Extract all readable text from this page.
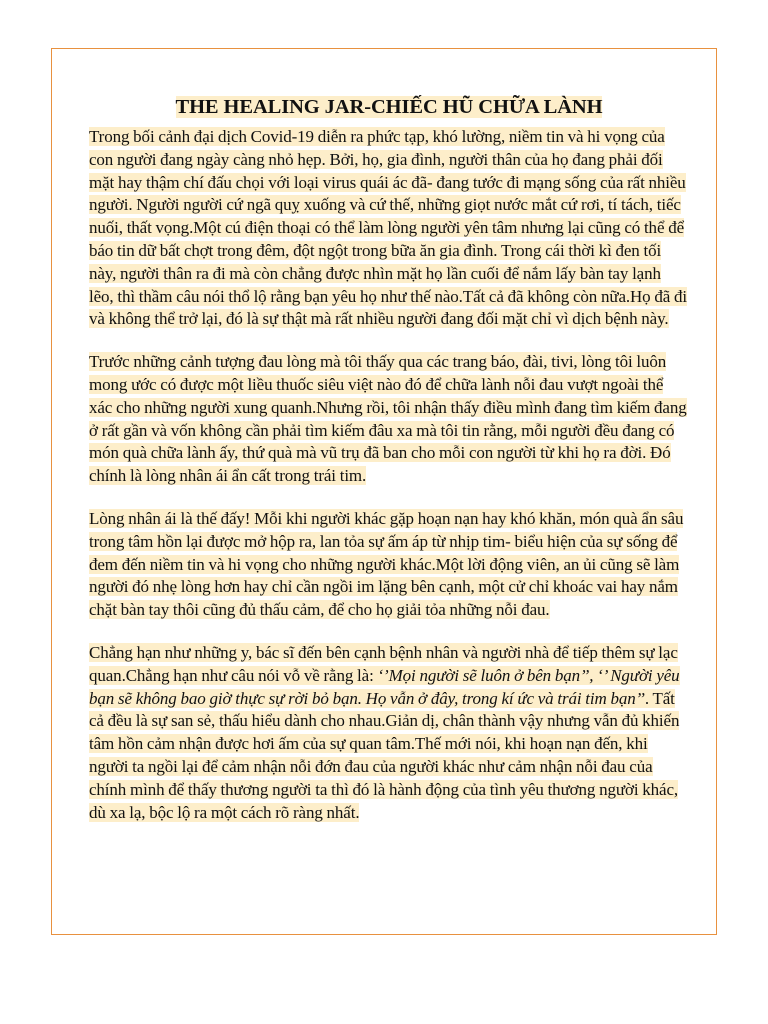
THE HEALING JAR-CHIẾC HŨ CHỮA LÀNH

Trong bối cảnh đại dịch Covid-19 diễn ra phức tạp, khó lường, niềm tin và hi vọng của con người đang ngày càng nhỏ hẹp. Bởi, họ, gia đình, người thân của họ đang phải đối mặt hay thậm chí đấu chọi với loại virus quái ác đã- đang tước đi mạng sống của rất nhiều người. Người người cứ ngã quỵ xuống và cứ thế, những giọt nước mắt cứ rơi, tí tách, tiếc nuối, thất vọng.Một cú điện thoại có thể làm lòng người yên tâm nhưng lại cũng có thể để báo tin dữ bất chợt trong đêm, đột ngột trong bữa ăn gia đình. Trong cái thời kì đen tối này, người thân ra đi mà còn chẳng được nhìn mặt họ lần cuối để nắm lấy bàn tay lạnh lẽo, thì thầm câu nói thổ lộ rằng bạn yêu họ như thế nào.Tất cả đã không còn nữa.Họ đã đi và không thể trở lại, đó là sự thật mà rất nhiều người đang đối mặt chỉ vì dịch bệnh này.

Trước những cảnh tượng đau lòng mà tôi thấy qua các trang báo, đài, tivi, lòng tôi luôn mong ước có được một liều thuốc siêu việt nào đó để chữa lành nỗi đau vượt ngoài thể xác cho những người xung quanh.Nhưng rồi, tôi nhận thấy điều mình đang tìm kiếm đang ở rất gần và vốn không cần phải tìm kiếm đâu xa mà tôi tin rằng, mỗi người đều đang có món quà chữa lành ấy, thứ quà mà vũ trụ đã ban cho mỗi con người từ khi họ ra đời. Đó chính là lòng nhân ái ẩn cất trong trái tim.

Lòng nhân ái là thế đấy! Mỗi khi người khác gặp hoạn nạn hay khó khăn, món quà ẩn sâu trong tâm hồn lại được mở hộp ra, lan tỏa sự ấm áp từ nhịp tim- biểu hiện của sự sống để đem đến niềm tin và hi vọng cho những người khác.Một lời động viên, an ủi cũng sẽ làm người đó nhẹ lòng hơn hay chỉ cần ngồi im lặng bên cạnh, một cử chỉ khoác vai hay nắm chặt bàn tay thôi cũng đủ thấu cảm, để cho họ giải tỏa những nỗi đau.

Chẳng hạn như những y, bác sĩ đến bên cạnh bệnh nhân và người nhà để tiếp thêm sự lạc quan.Chẳng hạn như câu nói vỗ về rằng là: ‘’Mọi người sẽ luôn ở bên bạn’’, ‘’ Người yêu bạn sẽ không bao giờ thực sự rời bỏ bạn. Họ vẫn ở đây, trong kí ức và trái tim bạn’’. Tất cả đều là sự san sẻ, thấu hiểu dành cho nhau.Giản dị, chân thành vậy nhưng vẫn đủ khiến tâm hồn cảm nhận được hơi ấm của sự quan tâm.Thế mới nói, khi hoạn nạn đến, khi người ta ngồi lại để cảm nhận nỗi đớn đau của người khác như cảm nhận nỗi đau của chính mình để thấy thương người ta thì đó là hành động của tình yêu thương người khác, dù xa lạ, bộc lộ ra một cách rõ ràng nhất.
